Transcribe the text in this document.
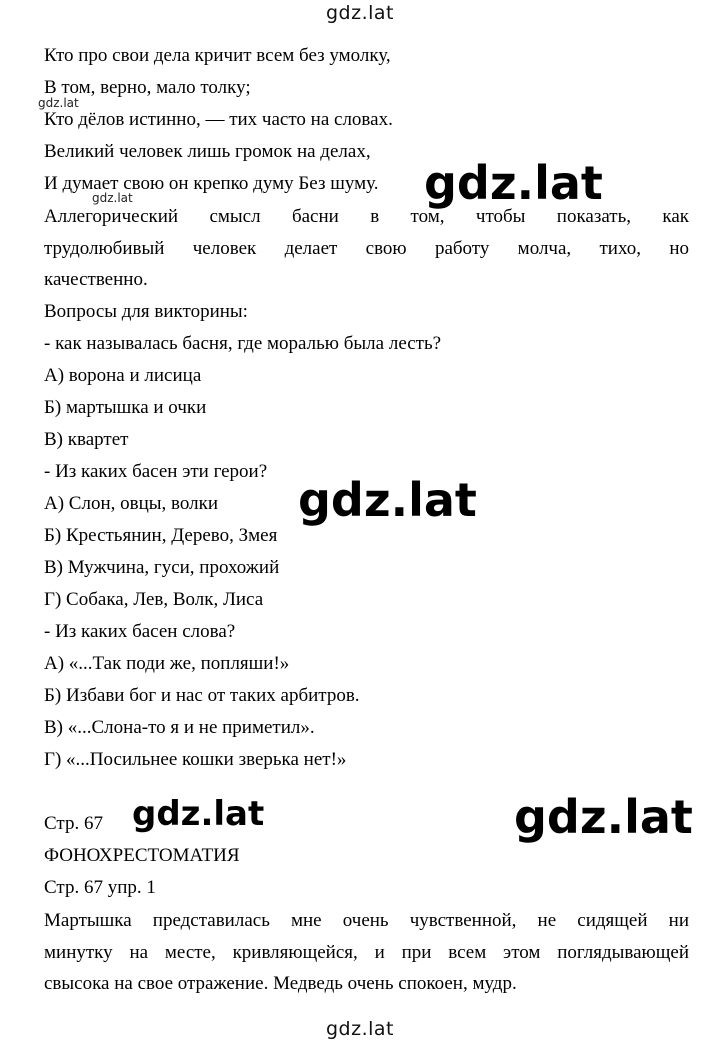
gdz.lat
Кто про свои дела кричит всем без умолку,
В том, верно, мало толку;
gdz.lat
Кто дёлов истинно, — тих часто на словах.
Великий человек лишь громок на делах,
И думает свою он крепко думу Без шуму.
gdz.lat	gdz.lat
Аллегорический смысл басни в том, чтобы показать, как
трудолюбивый человек делает свою работу молча, тихо, но
качественно.
Вопросы для викторины:
- как называлась басня, где моралью была лесть?
А) ворона и лисица
Б) мартышка и очки
В) квартет
- Из каких басен эти герои?
А) Слон, овцы, волки
Б) Крестьянин, Дерево, Змея
gdz.lat
В) Мужчина, гуси, прохожий
Г) Собака, Лев, Волк, Лиса
- Из каких басен слова?
А) «...Так поди же, попляши!»
Б) Избави бог и нас от таких арбитров.
В) «...Слона-то я и не приметил».
Г) «...Посильнее кошки зверька нет!»
Стр. 67 gdz.lat	gdz.lat
ФОНОХРЕСТОМАТИЯ
Стр. 67 упр. 1
Мартышка представилась мне очень чувственной, не сидящей ни
минутку на месте, кривляющейся, и при всем этом поглядывающей
свысока на свое отражение. Медведь очень спокоен, мудр.
gdz.lat
